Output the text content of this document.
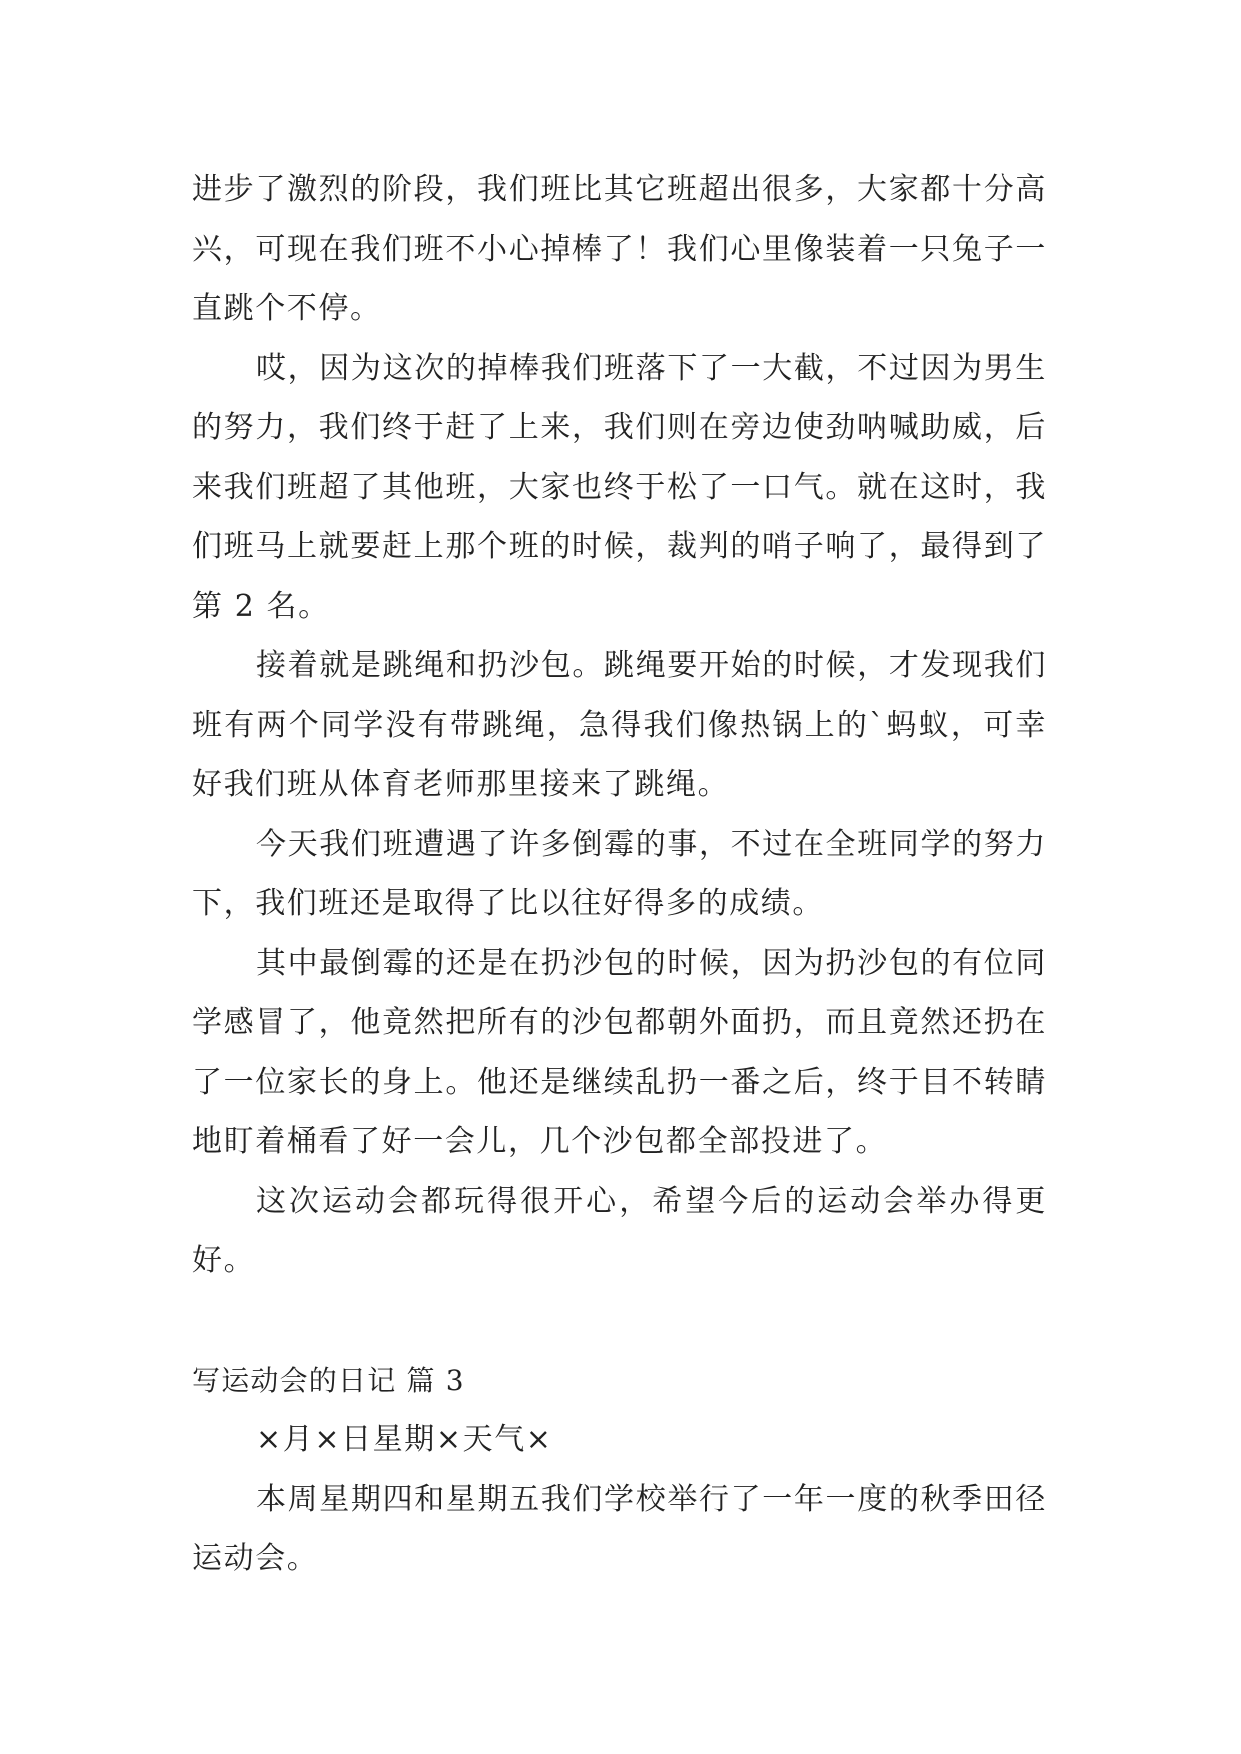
进步了激烈的阶段，我们班比其它班超出很多，大家都十分高兴，可现在我们班不小心掉棒了！我们心里像装着一只兔子一直跳个不停。

哎，因为这次的掉棒我们班落下了一大截，不过因为男生的努力，我们终于赶了上来，我们则在旁边使劲呐喊助威，后来我们班超了其他班，大家也终于松了一口气。就在这时，我们班马上就要赶上那个班的时候，裁判的哨子响了，最得到了第 2 名。

接着就是跳绳和扔沙包。跳绳要开始的时候，才发现我们班有两个同学没有带跳绳，急得我们像热锅上的`蚂蚁，可幸好我们班从体育老师那里接来了跳绳。

今天我们班遭遇了许多倒霉的事，不过在全班同学的努力下，我们班还是取得了比以往好得多的成绩。

其中最倒霉的还是在扔沙包的时候，因为扔沙包的有位同学感冒了，他竟然把所有的沙包都朝外面扔，而且竟然还扔在了一位家长的身上。他还是继续乱扔一番之后，终于目不转睛地盯着桶看了好一会儿，几个沙包都全部投进了。

这次运动会都玩得很开心，希望今后的运动会举办得更好。

写运动会的日记 篇 3

×月×日星期×天气×

本周星期四和星期五我们学校举行了一年一度的秋季田径运动会。
